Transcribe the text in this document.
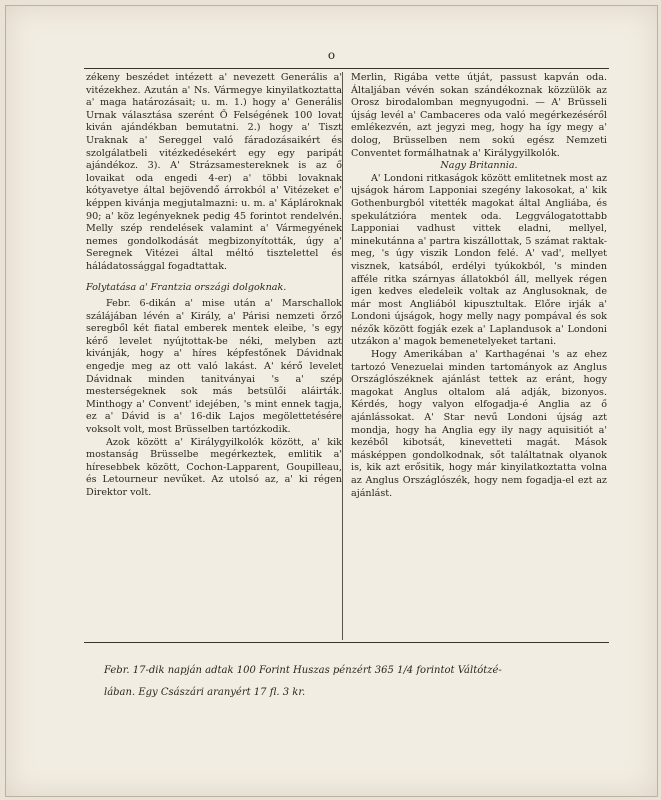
o

zékeny beszédet intézett a' nevezett Generális a' vitézekhez. Azután a' Ns. Vármegye kinyilatkoztatta a' maga határozásait; u. m. 1.) hogy a' Generális Urnak választása szerént Ő Felségének 100 lovat kiván ajándékban bemutatni. 2.) hogy a' Tiszt Uraknak a' Sereggel való fáradozásaikért és szolgálatbeli vitézkedésekért egy egy paripát ajándékoz. 3). A' Strázsamestereknek is az ő lovaikat oda engedi 4-er) a' többi lovaknak kótyavetye által bejövendő árrokból a' Vitézeket e' képpen kivánja megjutalmazni: u. m. a' Káplároknak 90; a' köz legényeknek pedig 45 forintot rendelvén. Melly szép rendelések valamint a' Vármegyének nemes gondolkodását megbizonyították, úgy a' Seregnek Vitézei által méltó tisztelettel és háládatossággal fogadtattak.

Folytatása a' Frantzia országi dolgoknak.

Febr. 6-dikán a' mise után a' Marschallok szálájában lévén a' Király, a' Párisi nemzeti őrző seregből két fiatal emberek mentek eleibe, 's egy kérő levelet nyújtottak-be néki, melyben azt kivánják, hogy a' híres képfestőnek Dávidnak engedje meg az ott való lakást. A' kérő levelet Dávidnak minden tanitványai 's a' szép mesterségeknek sok más betsülői aláirták. Minthogy a' Convent' idejében, 's mint ennek tagja, ez a' Dávid is a' 16-dik Lajos megölettetésére voksolt volt, most Brüsselben tartózkodik.

Azok között a' Királygyilkolók között, a' kik mostanság Brüsselbe megérkeztek, emlitik a' híresebbek között, Cochon-Lapparent, Goupilleau, és Letourneur nevűket. Az utolsó az, a' ki régen Direktor volt.

Merlin, Rigába vette útját, passust kapván oda. Általjában vévén sokan szándékoznak közzülök az Orosz birodalomban megnyugodni. — A' Brüsseli újság levél a' Cambaceres oda való megérkezéséről emlékezvén, azt jegyzi meg, hogy ha így megy a' dolog, Brüsselben nem sokú egész Nemzeti Conventet formálhatnak a' Királygyilkolók.

Nagy Britannia.

A' Londoni ritkaságok között emlitetnek most az ujságok három Lapponiai szegény lakosokat, a' kik Gothenburgból vitették magokat által Angliába, és spekulátzióra mentek oda. Leggválogatottabb Lapponiai vadhust vittek eladni, mellyel, minekutánna a' partra kiszállottak, 5 számat raktak-meg, 's úgy viszik London felé. A' vad', mellyet visznek, katsából, erdélyi tyúkokból, 's minden afféle ritka szárnyas állatokból áll, mellyek régen igen kedves eledeleik voltak az Anglusoknak, de már most Angliából kipusztultak. Előre irják a' Londoni újságok, hogy melly nagy pompával és sok nézők között fogják ezek a' Laplandusok a' Londoni utzákon a' magok bemenetelyeket tartani.

Hogy Amerikában a' Karthagénai 's az ehez tartozó Venezuelai minden tartományok az Anglus Országlószéknek ajánlást tettek az eránt, hogy magokat Anglus oltalom alá adják, bizonyos. Kérdés, hogy valyon elfogadja-é Anglia az ő ajánlássokat. A' Star nevű Londoni újság azt mondja, hogy ha Anglia egy ily nagy aquisitiót a' kezéből kibotsát, kinevetteti magát. Mások másképpen gondolkodnak, sőt találtatnak olyanok is, kik azt erősitik, hogy már kinyilatkoztatta volna az Anglus Országlószék, hogy nem fogadja-el ezt az ajánlást.

Febr. 17-dik napján adtak 100 Forint Huszas pénzért 365 1/4 forintot Váltótzé-

lában. Egy Császári aranyért 17 fl. 3 kr.
